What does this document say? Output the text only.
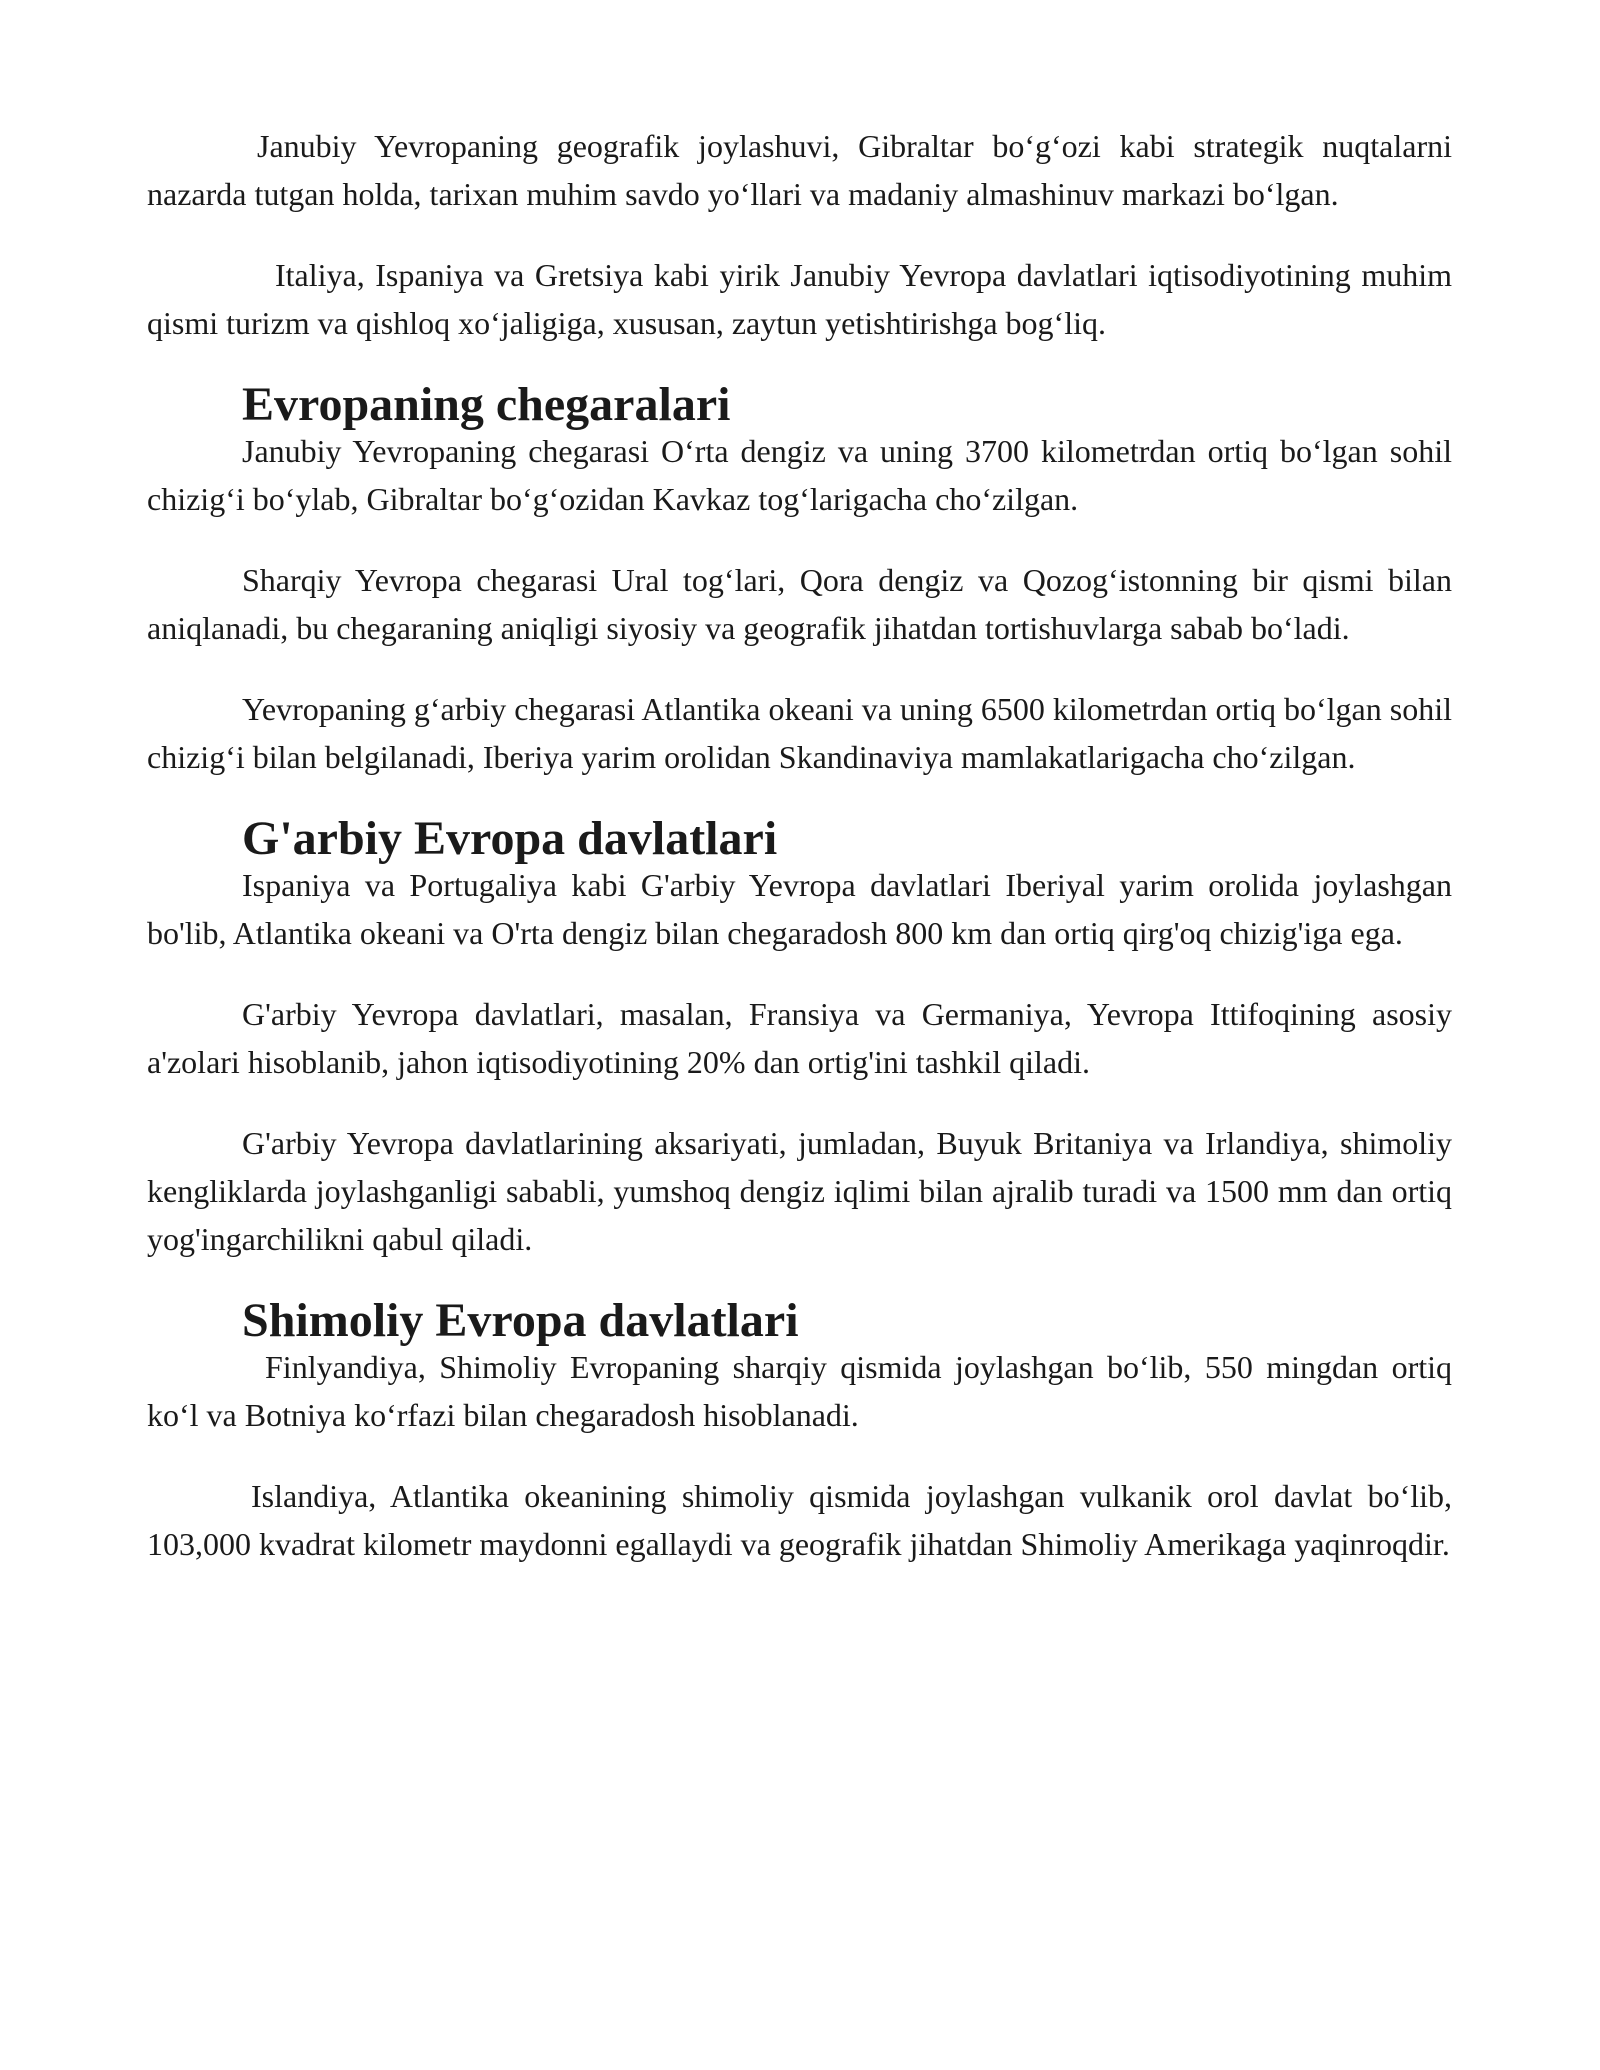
Janubiy Yevropaning geografik joylashuvi, Gibraltar bo‘g‘ozi kabi strategik nuqtalarni nazarda tutgan holda, tarixan muhim savdo yo‘llari va madaniy almashinuv markazi bo‘lgan.

Italiya, Ispaniya va Gretsiya kabi yirik Janubiy Yevropa davlatlari iqtisodiyotining muhim qismi turizm va qishloq xo‘jaligiga, xususan, zaytun yetishtirishga bog‘liq.

Evropaning chegaralari

Janubiy Yevropaning chegarasi O‘rta dengiz va uning 3700 kilometrdan ortiq bo‘lgan sohil chizig‘i bo‘ylab, Gibraltar bo‘g‘ozidan Kavkaz tog‘larigacha cho‘zilgan.

Sharqiy Yevropa chegarasi Ural tog‘lari, Qora dengiz va Qozog‘istonning bir qismi bilan aniqlanadi, bu chegaraning aniqligi siyosiy va geografik jihatdan tortishuvlarga sabab bo‘ladi.

Yevropaning g‘arbiy chegarasi Atlantika okeani va uning 6500 kilometrdan ortiq bo‘lgan sohil chizig‘i bilan belgilanadi, Iberiya yarim orolidan Skandinaviya mamlakatlarigacha cho‘zilgan.

G'arbiy Evropa davlatlari

Ispaniya va Portugaliya kabi G'arbiy Yevropa davlatlari Iberiyal yarim orolida joylashgan bo'lib, Atlantika okeani va O'rta dengiz bilan chegaradosh 800 km dan ortiq qirg'oq chizig'iga ega.

G'arbiy Yevropa davlatlari, masalan, Fransiya va Germaniya, Yevropa Ittifoqining asosiy a'zolari hisoblanib, jahon iqtisodiyotining 20% dan ortig'ini tashkil qiladi.

G'arbiy Yevropa davlatlarining aksariyati, jumladan, Buyuk Britaniya va Irlandiya, shimoliy kengliklarda joylashganligi sababli, yumshoq dengiz iqlimi bilan ajralib turadi va 1500 mm dan ortiq yog'ingarchilikni qabul qiladi.

Shimoliy Evropa davlatlari

Finlyandiya, Shimoliy Evropaning sharqiy qismida joylashgan bo‘lib, 550 mingdan ortiq ko‘l va Botniya ko‘rfazi bilan chegaradosh hisoblanadi.

Islandiya, Atlantika okeanining shimoliy qismida joylashgan vulkanik orol davlat bo‘lib, 103,000 kvadrat kilometr maydonni egallaydi va geografik jihatdan Shimoliy Amerikaga yaqinroqdir.
